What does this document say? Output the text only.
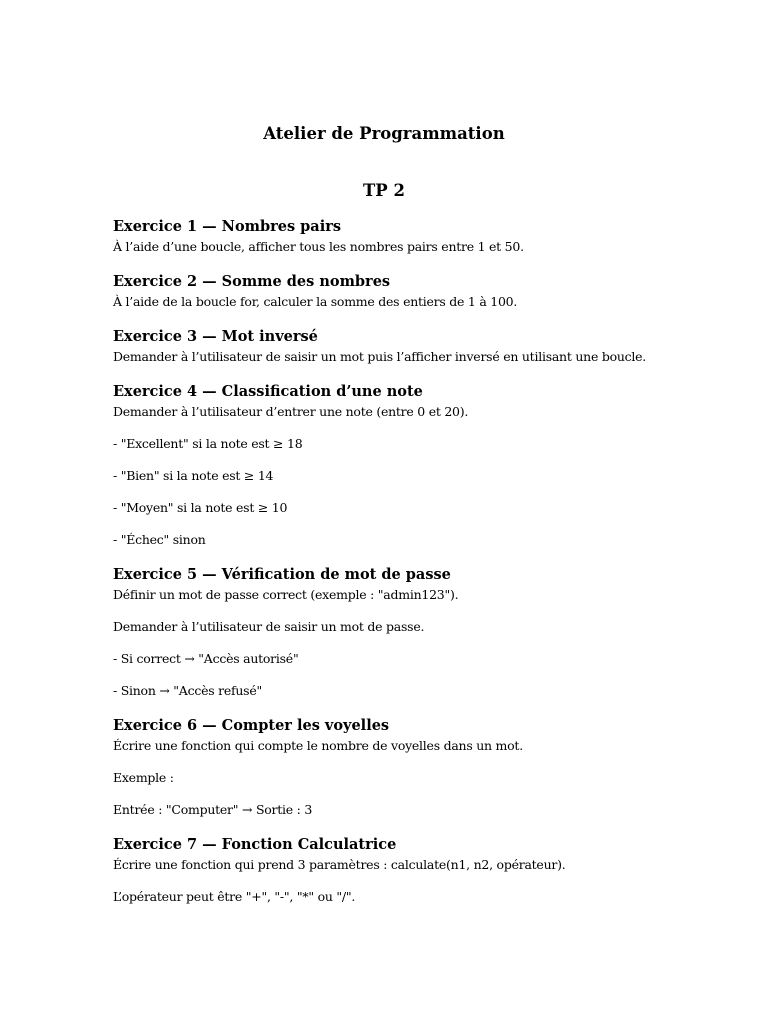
Atelier de Programmation
TP 2
Exercice 1 — Nombres pairs
À l’aide d’une boucle, afficher tous les nombres pairs entre 1 et 50.
Exercice 2 — Somme des nombres
À l’aide de la boucle for, calculer la somme des entiers de 1 à 100.
Exercice 3 — Mot inversé
Demander à l’utilisateur de saisir un mot puis l’afficher inversé en utilisant une boucle.
Exercice 4 — Classification d’une note
Demander à l’utilisateur d’entrer une note (entre 0 et 20).
- "Excellent" si la note est ≥ 18
- "Bien" si la note est ≥ 14
- "Moyen" si la note est ≥ 10
- "Échec" sinon
Exercice 5 — Vérification de mot de passe
Définir un mot de passe correct (exemple : "admin123").
Demander à l’utilisateur de saisir un mot de passe.
- Si correct → "Accès autorisé"
- Sinon → "Accès refusé"
Exercice 6 — Compter les voyelles
Écrire une fonction qui compte le nombre de voyelles dans un mot.
Exemple :
Entrée : "Computer" → Sortie : 3
Exercice 7 — Fonction Calculatrice
Écrire une fonction qui prend 3 paramètres : calculate(n1, n2, opérateur).
L’opérateur peut être "+", "-", "*" ou "/".
